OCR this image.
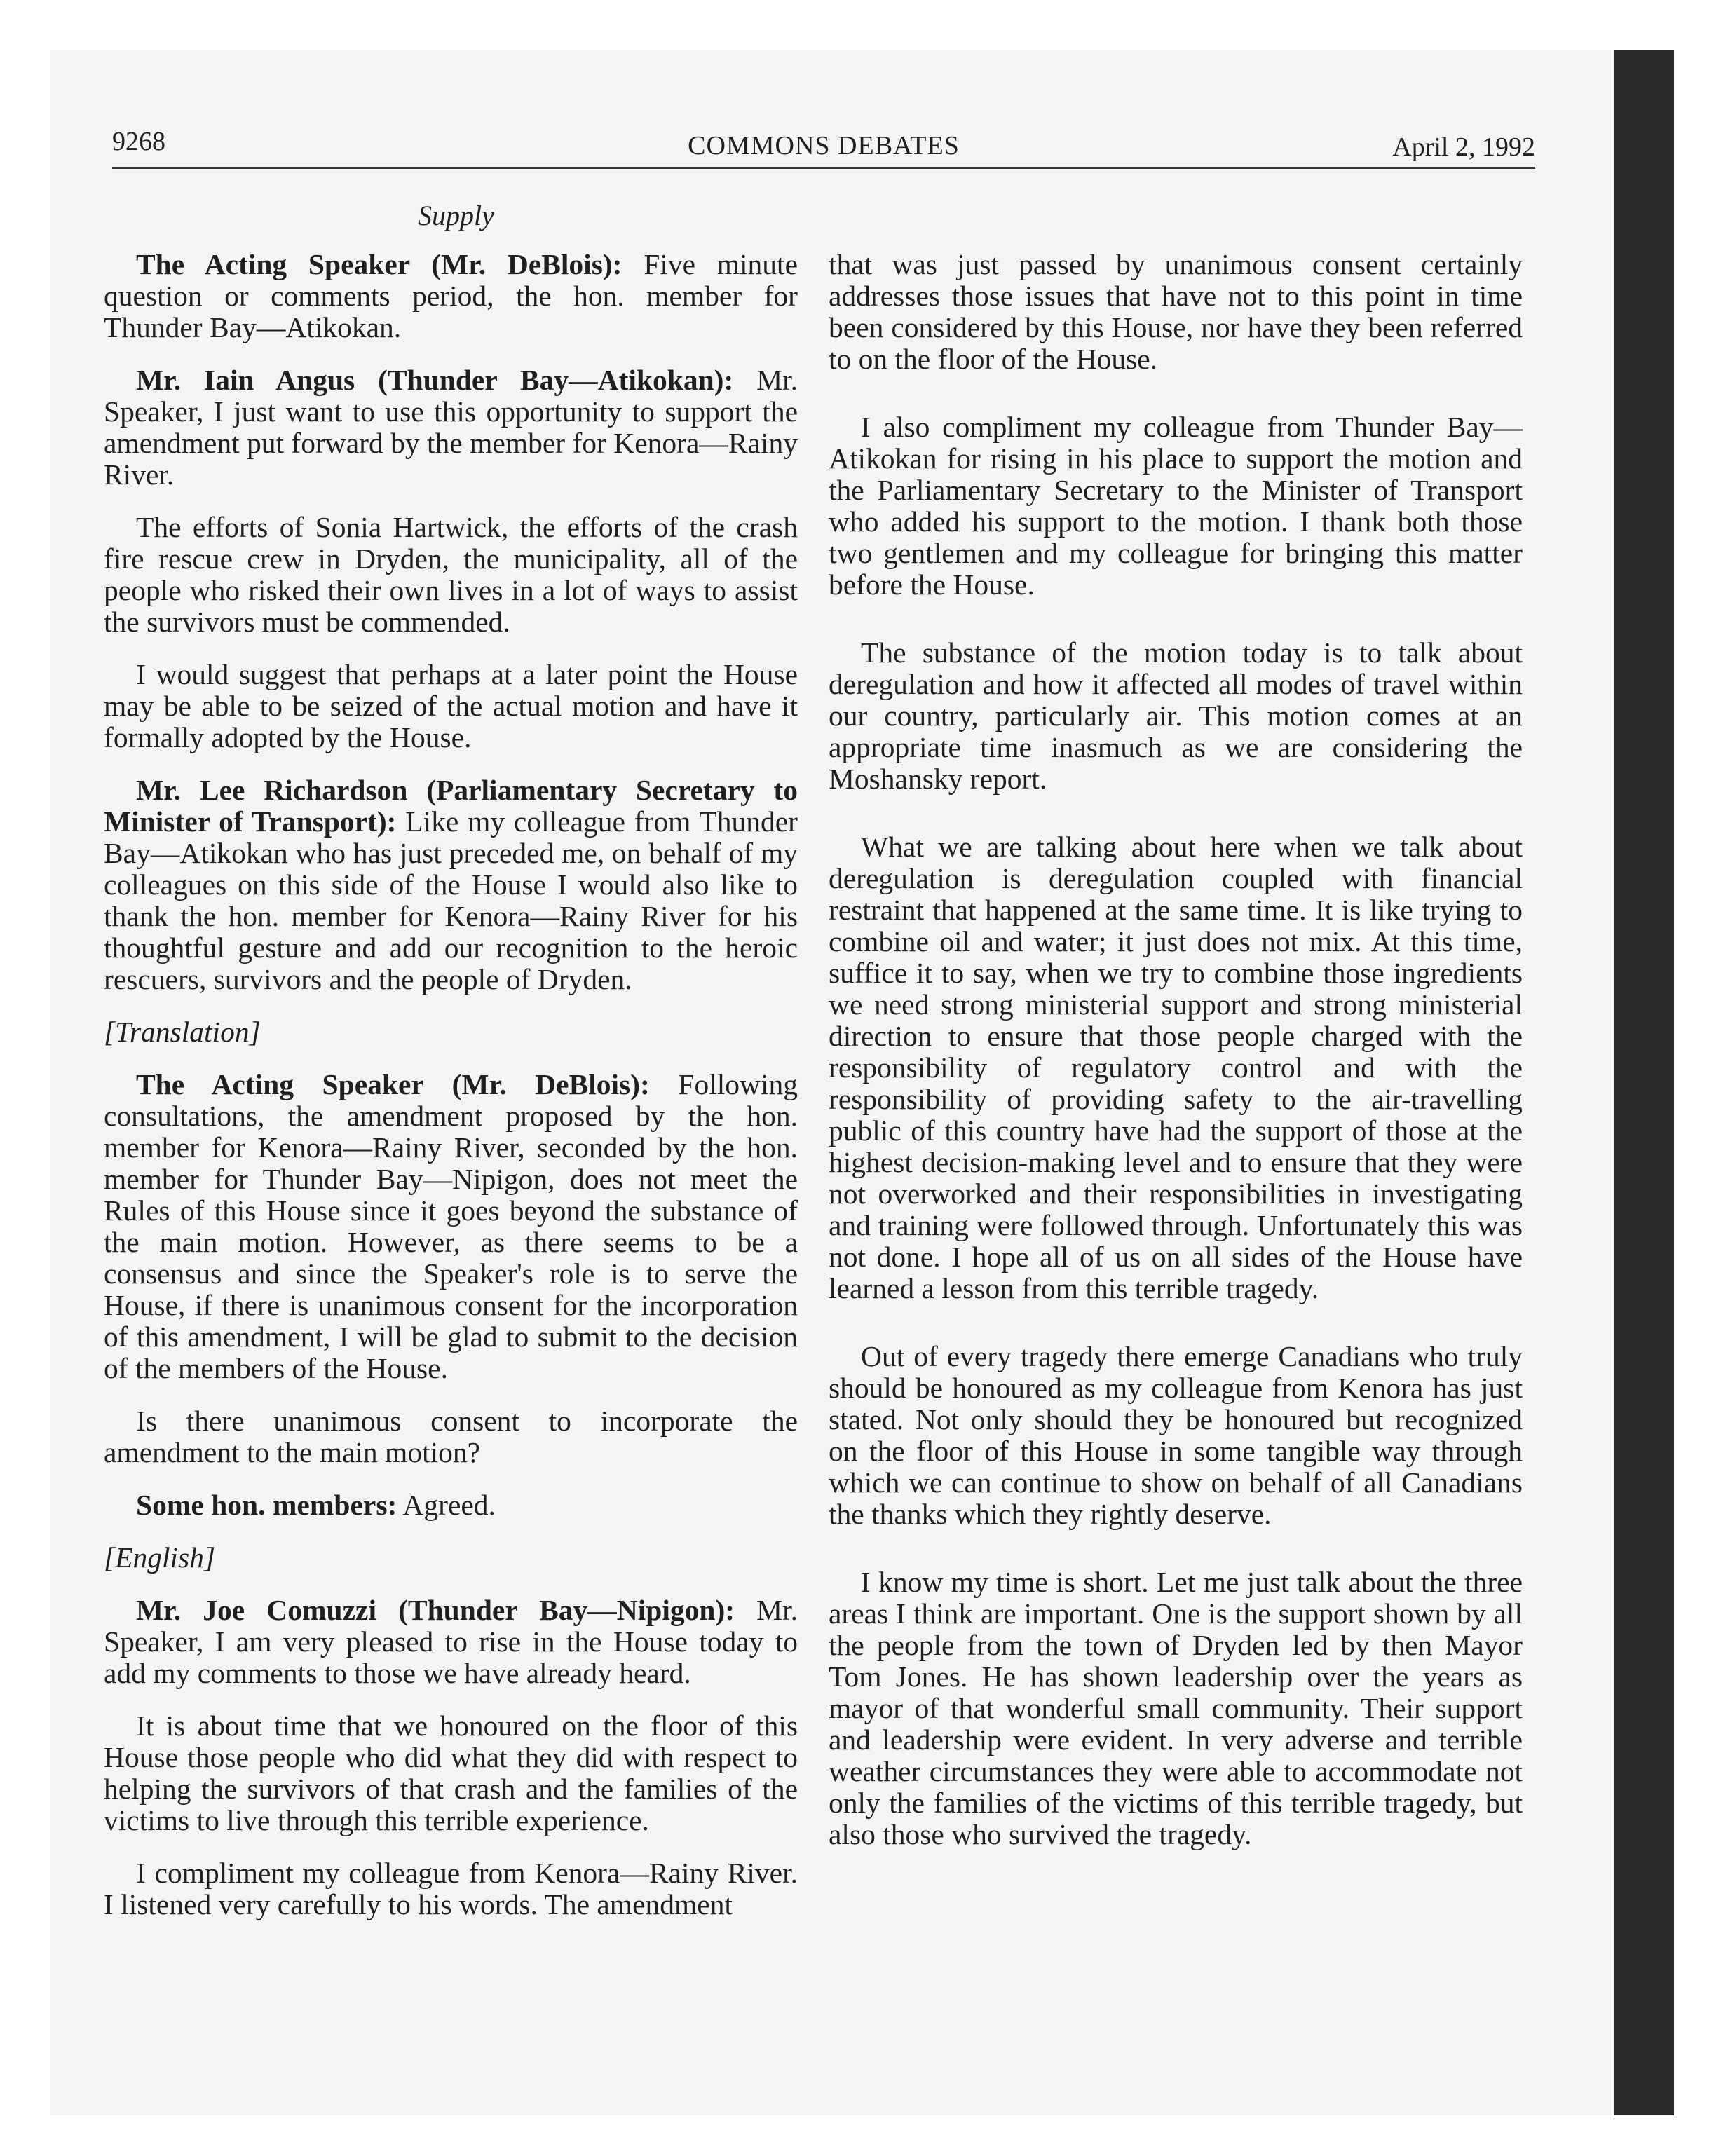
9268	COMMONS DEBATES	April 2, 1992
Supply

The Acting Speaker (Mr. DeBlois): Five minute question or comments period, the hon. member for Thunder Bay—Atikokan.

Mr. Iain Angus (Thunder Bay—Atikokan): Mr. Speaker, I just want to use this opportunity to support the amendment put forward by the member for Kenora—Rainy River.

The efforts of Sonia Hartwick, the efforts of the crash fire rescue crew in Dryden, the municipality, all of the people who risked their own lives in a lot of ways to assist the survivors must be commended.

I would suggest that perhaps at a later point the House may be able to be seized of the actual motion and have it formally adopted by the House.

Mr. Lee Richardson (Parliamentary Secretary to Minister of Transport): Like my colleague from Thunder Bay—Atikokan who has just preceded me, on behalf of my colleagues on this side of the House I would also like to thank the hon. member for Kenora—Rainy River for his thoughtful gesture and add our recognition to the heroic rescuers, survivors and the people of Dryden.

[Translation]

The Acting Speaker (Mr. DeBlois): Following consultations, the amendment proposed by the hon. member for Kenora—Rainy River, seconded by the hon. member for Thunder Bay—Nipigon, does not meet the Rules of this House since it goes beyond the substance of the main motion. However, as there seems to be a consensus and since the Speaker's role is to serve the House, if there is unanimous consent for the incorporation of this amendment, I will be glad to submit to the decision of the members of the House.

Is there unanimous consent to incorporate the amendment to the main motion?

Some hon. members: Agreed.

[English]

Mr. Joe Comuzzi (Thunder Bay—Nipigon): Mr. Speaker, I am very pleased to rise in the House today to add my comments to those we have already heard.

It is about time that we honoured on the floor of this House those people who did what they did with respect to helping the survivors of that crash and the families of the victims to live through this terrible experience.

I compliment my colleague from Kenora—Rainy River. I listened very carefully to his words. The amendment

that was just passed by unanimous consent certainly addresses those issues that have not to this point in time been considered by this House, nor have they been referred to on the floor of the House.

I also compliment my colleague from Thunder Bay—Atikokan for rising in his place to support the motion and the Parliamentary Secretary to the Minister of Transport who added his support to the motion. I thank both those two gentlemen and my colleague for bringing this matter before the House.

The substance of the motion today is to talk about deregulation and how it affected all modes of travel within our country, particularly air. This motion comes at an appropriate time inasmuch as we are considering the Moshansky report.

What we are talking about here when we talk about deregulation is deregulation coupled with financial restraint that happened at the same time. It is like trying to combine oil and water; it just does not mix. At this time, suffice it to say, when we try to combine those ingredients we need strong ministerial support and strong ministerial direction to ensure that those people charged with the responsibility of regulatory control and with the responsibility of providing safety to the air-travelling public of this country have had the support of those at the highest decision-making level and to ensure that they were not overworked and their responsibilities in investigating and training were followed through. Unfortunately this was not done. I hope all of us on all sides of the House have learned a lesson from this terrible tragedy.

Out of every tragedy there emerge Canadians who truly should be honoured as my colleague from Kenora has just stated. Not only should they be honoured but recognized on the floor of this House in some tangible way through which we can continue to show on behalf of all Canadians the thanks which they rightly deserve.

I know my time is short. Let me just talk about the three areas I think are important. One is the support shown by all the people from the town of Dryden led by then Mayor Tom Jones. He has shown leadership over the years as mayor of that wonderful small community. Their support and leadership were evident. In very adverse and terrible weather circumstances they were able to accommodate not only the families of the victims of this terrible tragedy, but also those who survived the tragedy.
